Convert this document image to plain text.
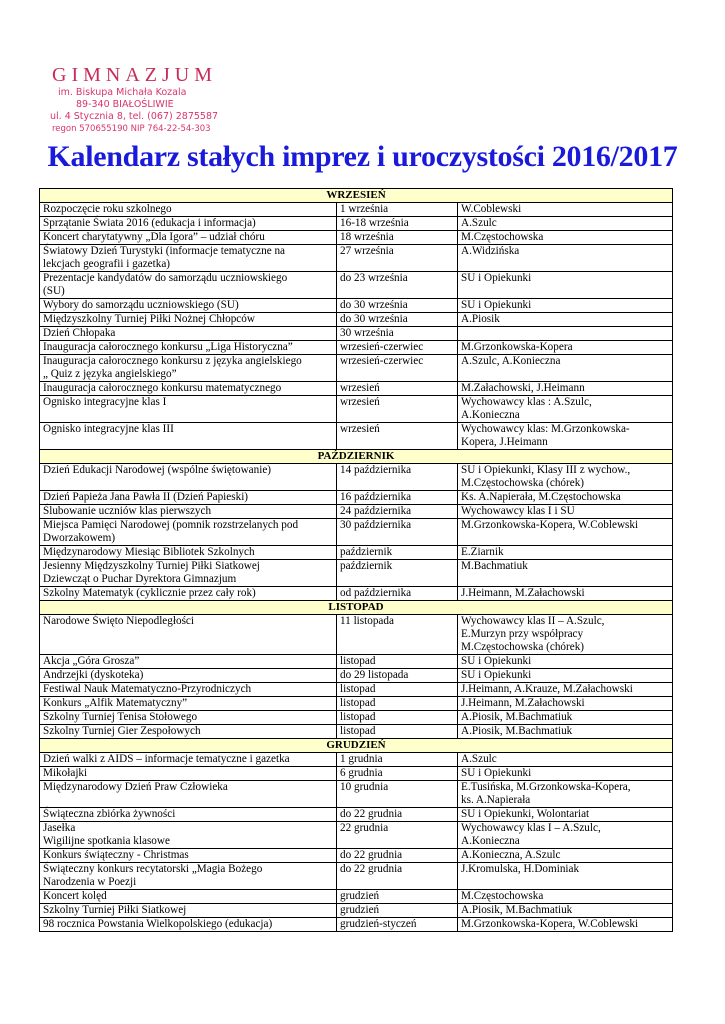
GIMNAZJUM
im. Biskupa Michała Kozala
89-340 BIAŁOŚLIWIE
ul. 4 Stycznia 8, tel. (067) 2875587
regon 570655190 NIP 764-22-54-303
Kalendarz stałych imprez i uroczystości 2016/2017
WRZESIEŃ		
Rozpoczęcie roku szkolnego	1 września	W.Coblewski
Sprzątanie Świata 2016 (edukacja i informacja)	16-18 września	A.Szulc
Koncert charytatywny „Dla Igora” – udział chóru	18 września	M.Częstochowska
Światowy Dzień Turystyki (informacje tematyczne na
lekcjach geografii i gazetka)	27 września	A.Widzińska
Prezentacje kandydatów do samorządu uczniowskiego
(SU)	do 23 września	SU i Opiekunki
Wybory do samorządu uczniowskiego (SU)	do 30 września	SU i Opiekunki
Międzyszkolny Turniej Piłki Nożnej Chłopców	do 30 września	A.Piosik
Dzień Chłopaka	30 września	
Inauguracja całorocznego konkursu „Liga Historyczna”	wrzesień-czerwiec	M.Grzonkowska-Kopera
Inauguracja całorocznego konkursu z języka angielskiego
„ Quiz z języka angielskiego”	wrzesień-czerwiec	A.Szulc, A.Konieczna
Inauguracja całorocznego konkursu matematycznego	wrzesień	M.Załachowski, J.Heimann
Ognisko integracyjne klas I	wrzesień	Wychowawcy klas : A.Szulc,
A.Konieczna
Ognisko integracyjne klas III	wrzesień	Wychowawcy klas: M.Grzonkowska-
Kopera, J.Heimann
PAŹDZIERNIK		
Dzień Edukacji Narodowej (wspólne świętowanie)	14 października	SU i Opiekunki, Klasy III z wychow.,
M.Częstochowska (chórek)
Dzień Papieża Jana Pawła II (Dzień Papieski)	16 października	Ks. A.Napierała, M.Częstochowska
Ślubowanie uczniów klas pierwszych	24 października	Wychowawcy klas I i SU
Miejsca Pamięci Narodowej (pomnik rozstrzelanych pod
Dworzakowem)	30 października	M.Grzonkowska-Kopera, W.Coblewski
Międzynarodowy Miesiąc Bibliotek Szkolnych	październik	E.Ziarnik
Jesienny Międzyszkolny Turniej Piłki Siatkowej
Dziewcząt o Puchar Dyrektora Gimnazjum	październik	M.Bachmatiuk
Szkolny Matematyk (cyklicznie przez cały rok)	od października	J.Heimann, M.Załachowski
LISTOPAD		
Narodowe Święto Niepodległości	11 listopada	Wychowawcy klas II – A.Szulc,
E.Murzyn przy współpracy
M.Częstochowska (chórek)
Akcja „Góra Grosza”	listopad	SU i Opiekunki
Andrzejki (dyskoteka)	do 29 listopada	SU i Opiekunki
Festiwal Nauk Matematyczno-Przyrodniczych	listopad	J.Heimann, A.Krauze, M.Załachowski
Konkurs „Alfik Matematyczny”	listopad	J.Heimann, M.Załachowski
Szkolny Turniej Tenisa Stołowego	listopad	A.Piosik, M.Bachmatiuk
Szkolny Turniej Gier Zespołowych	listopad	A.Piosik, M.Bachmatiuk
GRUDZIEŃ		
Dzień walki z AIDS – informacje tematyczne i gazetka	1 grudnia	A.Szulc
Mikołajki	6 grudnia	SU i Opiekunki
Międzynarodowy Dzień Praw Człowieka	10 grudnia	E.Tusińska, M.Grzonkowska-Kopera,
ks. A.Napierała
Świąteczna zbiórka żywności	do 22 grudnia	SU i Opiekunki, Wolontariat
Jasełka
Wigilijne spotkania klasowe	22 grudnia	Wychowawcy klas I – A.Szulc,
A.Konieczna
Konkurs świąteczny - Christmas	do 22 grudnia	A.Konieczna, A.Szulc
Świąteczny konkurs recytatorski „Magia Bożego
Narodzenia w Poezji	do 22 grudnia	J.Kromulska, H.Dominiak
Koncert kolęd	grudzień	M.Częstochowska
Szkolny Turniej Piłki Siatkowej	grudzień	A.Piosik, M.Bachmatiuk
98 rocznica Powstania Wielkopolskiego (edukacja)	grudzień-styczeń	M.Grzonkowska-Kopera, W.Coblewski
